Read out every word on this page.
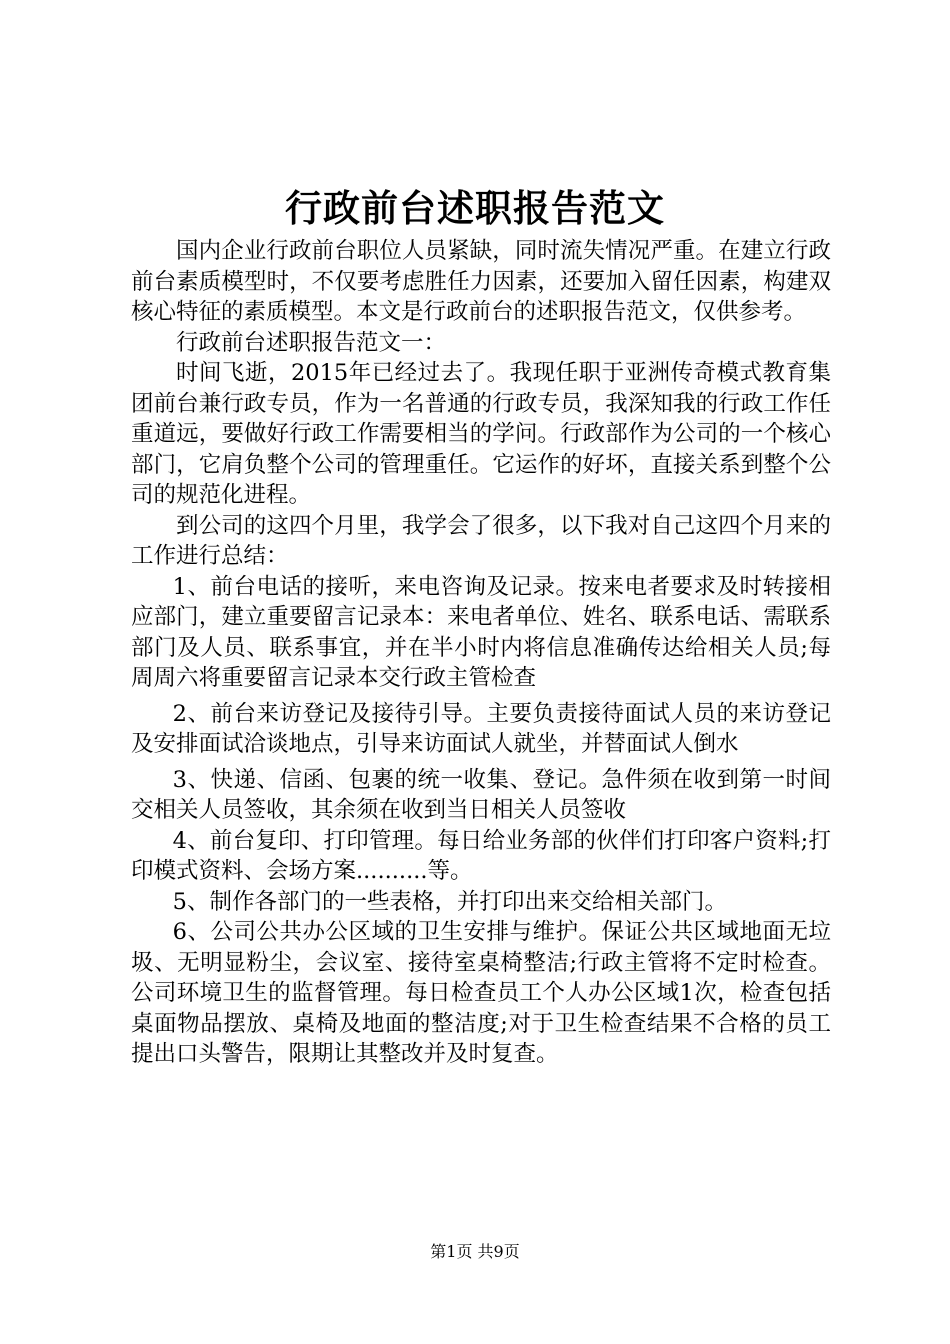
行政前台述职报告范文

国内企业行政前台职位人员紧缺，同时流失情况严重。在建立行政前台素质模型时，不仅要考虑胜任力因素，还要加入留任因素，构建双核心特征的素质模型。本文是行政前台的述职报告范文，仅供参考。

行政前台述职报告范文一：

时间飞逝，2015年已经过去了。我现任职于亚洲传奇模式教育集团前台兼行政专员，作为一名普通的行政专员，我深知我的行政工作任重道远，要做好行政工作需要相当的学问。行政部作为公司的一个核心部门，它肩负整个公司的管理重任。它运作的好坏，直接关系到整个公司的规范化进程。

到公司的这四个月里，我学会了很多，以下我对自己这四个月来的工作进行总结：

1、前台电话的接听，来电咨询及记录。按来电者要求及时转接相应部门，建立重要留言记录本：来电者单位、姓名、联系电话、需联系部门及人员、联系事宜，并在半小时内将信息准确传达给相关人员;每周周六将重要留言记录本交行政主管检查

2、前台来访登记及接待引导。主要负责接待面试人员的来访登记及安排面试洽谈地点，引导来访面试人就坐，并替面试人倒水

3、快递、信函、包裹的统一收集、登记。急件须在收到第一时间交相关人员签收，其余须在收到当日相关人员签收

4、前台复印、打印管理。每日给业务部的伙伴们打印客户资料;打印模式资料、会场方案..........等。

5、制作各部门的一些表格，并打印出来交给相关部门。

6、公司公共办公区域的卫生安排与维护。保证公共区域地面无垃圾、无明显粉尘，会议室、接待室桌椅整洁;行政主管将不定时检查。公司环境卫生的监督管理。每日检查员工个人办公区域1次，检查包括桌面物品摆放、桌椅及地面的整洁度;对于卫生检查结果不合格的员工提出口头警告，限期让其整改并及时复查。

第1页 共9页
